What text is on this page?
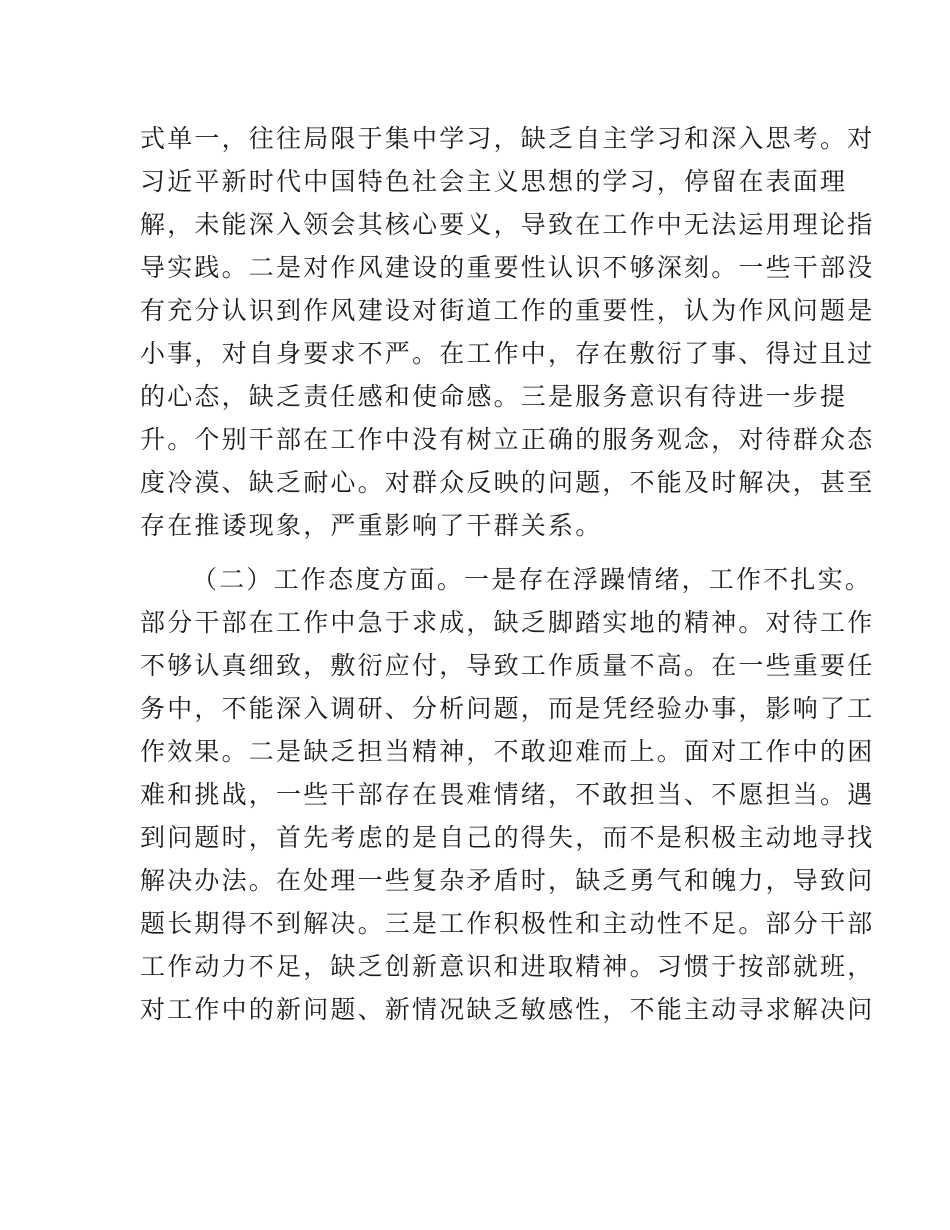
式单一，往往局限于集中学习，缺乏自主学习和深入思考。对
习近平新时代中国特色社会主义思想的学习，停留在表面理
解，未能深入领会其核心要义，导致在工作中无法运用理论指
导实践。二是对作风建设的重要性认识不够深刻。一些干部没
有充分认识到作风建设对街道工作的重要性，认为作风问题是
小事，对自身要求不严。在工作中，存在敷衍了事、得过且过
的心态，缺乏责任感和使命感。三是服务意识有待进一步提
升。个别干部在工作中没有树立正确的服务观念，对待群众态
度冷漠、缺乏耐心。对群众反映的问题，不能及时解决，甚至
存在推诿现象，严重影响了干群关系。
（二）工作态度方面。一是存在浮躁情绪，工作不扎实。
部分干部在工作中急于求成，缺乏脚踏实地的精神。对待工作
不够认真细致，敷衍应付，导致工作质量不高。在一些重要任
务中，不能深入调研、分析问题，而是凭经验办事，影响了工
作效果。二是缺乏担当精神，不敢迎难而上。面对工作中的困
难和挑战，一些干部存在畏难情绪，不敢担当、不愿担当。遇
到问题时，首先考虑的是自己的得失，而不是积极主动地寻找
解决办法。在处理一些复杂矛盾时，缺乏勇气和魄力，导致问
题长期得不到解决。三是工作积极性和主动性不足。部分干部
工作动力不足，缺乏创新意识和进取精神。习惯于按部就班，
对工作中的新问题、新情况缺乏敏感性，不能主动寻求解决问
